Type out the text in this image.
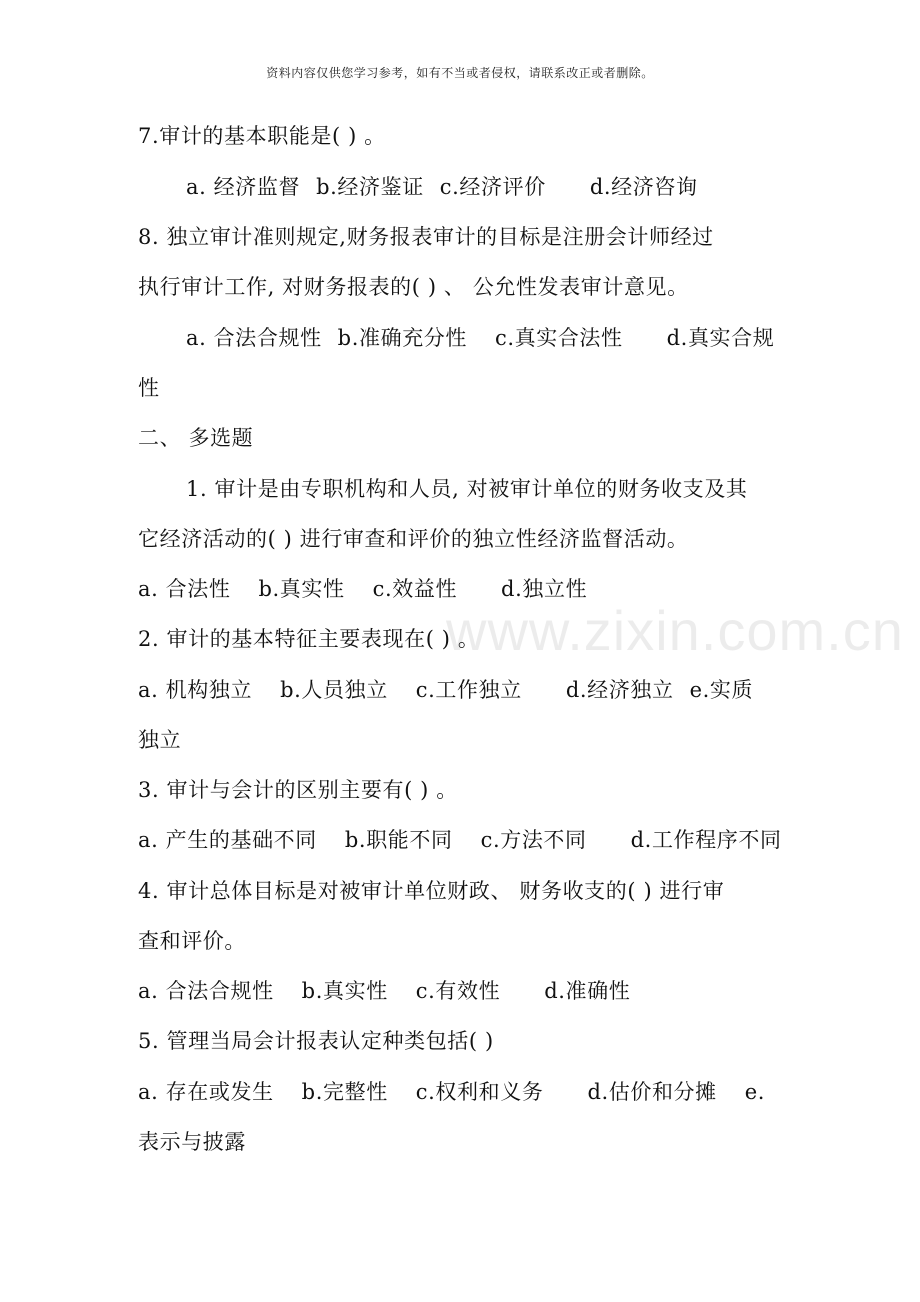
资料内容仅供您学习参考，如有不当或者侵权，请联系改正或者删除。
www.zixin.com.cn
7.审计的基本职能是( ) 。
a. 经济监督 b.经济鉴证 c.经济评价 d.经济咨询
8. 独立审计准则规定,财务报表审计的目标是注册会计师经过
执行审计工作, 对财务报表的( ) 、 公允性发表审计意见。
a. 合法合规性 b.准确充分性 c.真实合法性 d.真实合规
性
二、 多选题
1. 审计是由专职机构和人员, 对被审计单位的财务收支及其
它经济活动的( ) 进行审查和评价的独立性经济监督活动。
a. 合法性 b.真实性 c.效益性 d.独立性
2. 审计的基本特征主要表现在( ) 。
a. 机构独立 b.人员独立 c.工作独立 d.经济独立 e.实质
独立
3. 审计与会计的区别主要有( ) 。
a. 产生的基础不同 b.职能不同 c.方法不同 d.工作程序不同
4. 审计总体目标是对被审计单位财政、 财务收支的( ) 进行审
查和评价。
a. 合法合规性 b.真实性 c.有效性 d.准确性
5. 管理当局会计报表认定种类包括( )
a. 存在或发生 b.完整性 c.权利和义务 d.估价和分摊 e.
表示与披露
